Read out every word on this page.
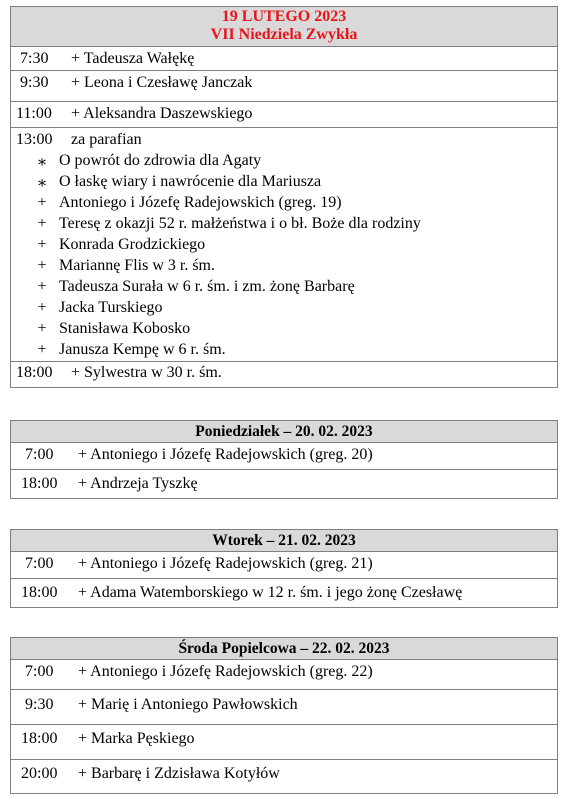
19 LUTEGO 2023
VII Niedziela Zwykła
7:30 + Tadeusza Wałękę
9:30 + Leona i Czesławę Janczak
11:00 + Aleksandra Daszewskiego
13:00 za parafian
∗ O powrót do zdrowia dla Agaty
∗ O łaskę wiary i nawrócenie dla Mariusza
+ Antoniego i Józefę Radejowskich (greg. 19)
+ Teresę z okazji 52 r. małżeństwa i o bł. Boże dla rodziny
+ Konrada Grodzickiego
+ Mariannę Flis w 3 r. śm.
+ Tadeusza Surała w 6 r. śm. i zm. żonę Barbarę
+ Jacka Turskiego
+ Stanisława Kobosko
+ Janusza Kempę w 6 r. śm.
18:00 + Sylwestra w 30 r. śm.
Poniedziałek – 20. 02. 2023
7:00 + Antoniego i Józefę Radejowskich (greg. 20)
18:00 + Andrzeja Tyszkę
Wtorek – 21. 02. 2023
7:00 + Antoniego i Józefę Radejowskich (greg. 21)
18:00 + Adama Watemborskiego w 12 r. śm. i jego żonę Czesławę
Środa Popielcowa – 22. 02. 2023
7:00 + Antoniego i Józefę Radejowskich (greg. 22)
9:30 + Marię i Antoniego Pawłowskich
18:00 + Marka Pęskiego
20:00 + Barbarę i Zdzisława Kotyłów
